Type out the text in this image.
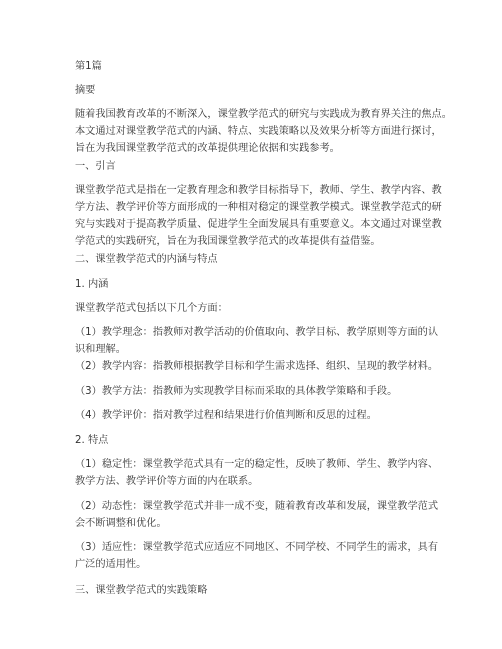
第1篇

摘要

随着我国教育改革的不断深入，课堂教学范式的研究与实践成为教育界关注的焦点。
本文通过对课堂教学范式的内涵、特点、实践策略以及效果分析等方面进行探讨，
旨在为我国课堂教学范式的改革提供理论依据和实践参考。

一、引言

课堂教学范式是指在一定教育理念和教学目标指导下，教师、学生、教学内容、教
学方法、教学评价等方面形成的一种相对稳定的课堂教学模式。课堂教学范式的研
究与实践对于提高教学质量、促进学生全面发展具有重要意义。本文通过对课堂教
学范式的实践研究，旨在为我国课堂教学范式的改革提供有益借鉴。

二、课堂教学范式的内涵与特点

1. 内涵

课堂教学范式包括以下几个方面：

（1）教学理念：指教师对教学活动的价值取向、教学目标、教学原则等方面的认
识和理解。

（2）教学内容：指教师根据教学目标和学生需求选择、组织、呈现的教学材料。

（3）教学方法：指教师为实现教学目标而采取的具体教学策略和手段。

（4）教学评价：指对教学过程和结果进行价值判断和反思的过程。

2. 特点

（1）稳定性：课堂教学范式具有一定的稳定性，反映了教师、学生、教学内容、
教学方法、教学评价等方面的内在联系。
（2）动态性：课堂教学范式并非一成不变，随着教育改革和发展，课堂教学范式
会不断调整和优化。
（3）适应性：课堂教学范式应适应不同地区、不同学校、不同学生的需求，具有
广泛的适用性。

三、课堂教学范式的实践策略
